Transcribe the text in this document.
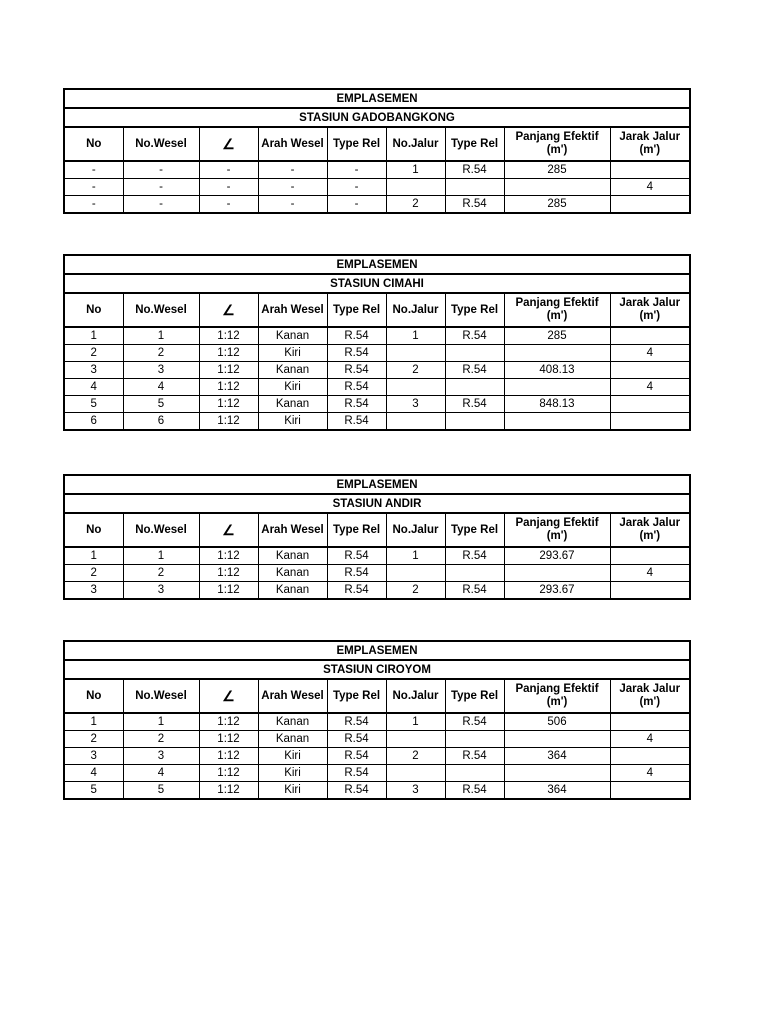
EMPLASEMEN								
STASIUN GADOBANGKONG								
No	No.Wesel	∠	Arah Wesel	Type Rel	No.Jalur	Type Rel	Panjang Efektif (m')	Jarak Jalur (m')
-	-	-	-	-	1	R.54	285	
-	-	-	-	-				4
-	-	-	-	-	2	R.54	285	
EMPLASEMEN								
STASIUN CIMAHI								
No	No.Wesel	∠	Arah Wesel	Type Rel	No.Jalur	Type Rel	Panjang Efektif (m')	Jarak Jalur (m')
1	1	1:12	Kanan	R.54	1	R.54	285	
2	2	1:12	Kiri	R.54				4
3	3	1:12	Kanan	R.54	2	R.54	408.13	
4	4	1:12	Kiri	R.54				4
5	5	1:12	Kanan	R.54	3	R.54	848.13	
6	6	1:12	Kiri	R.54				
EMPLASEMEN								
STASIUN ANDIR								
No	No.Wesel	∠	Arah Wesel	Type Rel	No.Jalur	Type Rel	Panjang Efektif (m')	Jarak Jalur (m')
1	1	1:12	Kanan	R.54	1	R.54	293.67	
2	2	1:12	Kanan	R.54				4
3	3	1:12	Kanan	R.54	2	R.54	293.67	
EMPLASEMEN								
STASIUN CIROYOM								
No	No.Wesel	∠	Arah Wesel	Type Rel	No.Jalur	Type Rel	Panjang Efektif (m')	Jarak Jalur (m')
1	1	1:12	Kanan	R.54	1	R.54	506	
2	2	1:12	Kanan	R.54				4
3	3	1:12	Kiri	R.54	2	R.54	364	
4	4	1:12	Kiri	R.54				4
5	5	1:12	Kiri	R.54	3	R.54	364	
